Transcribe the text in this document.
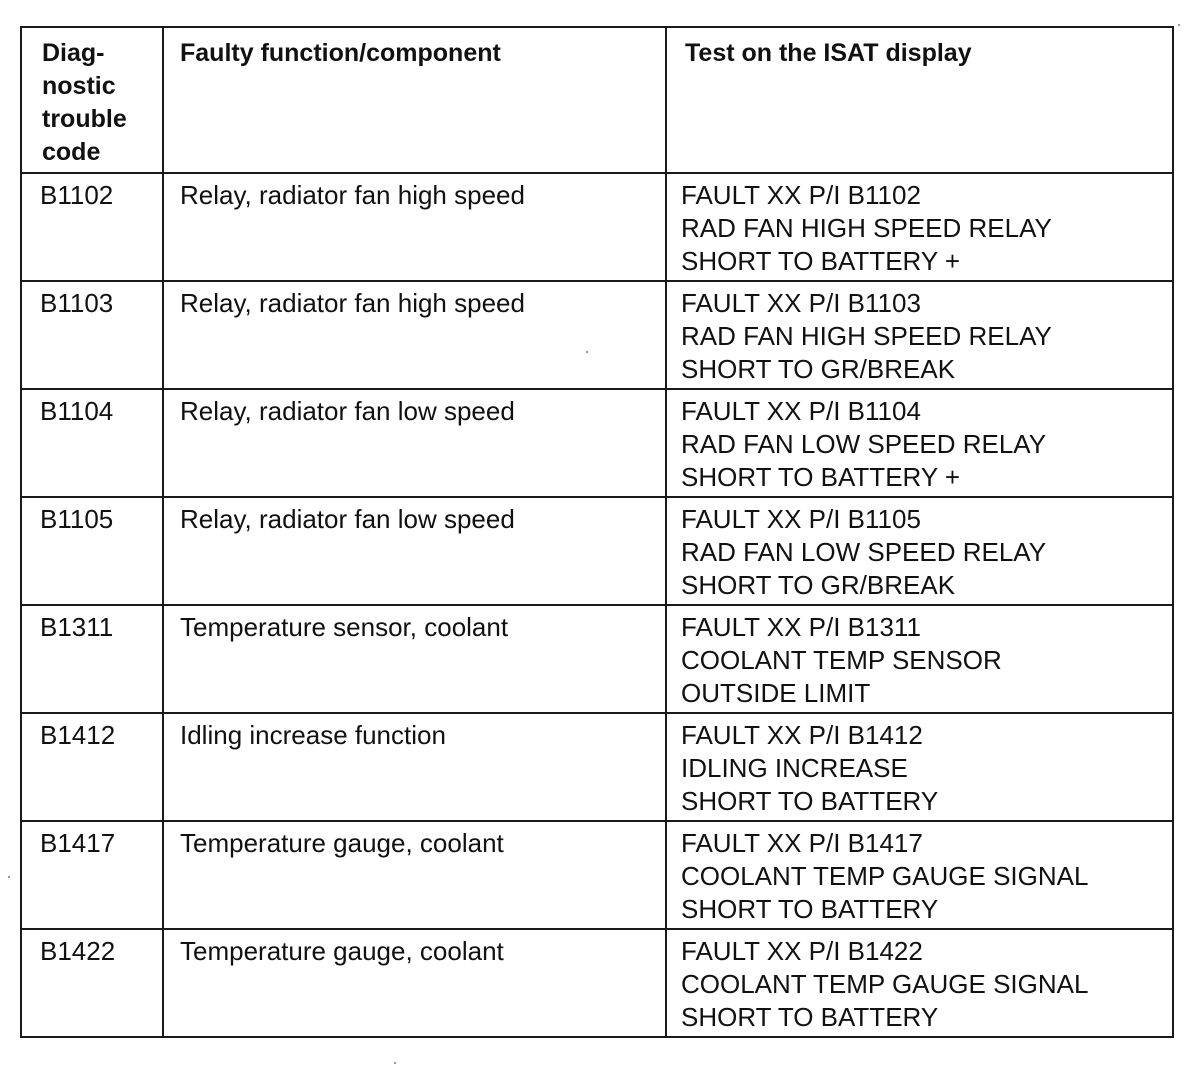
Diag-
nostic
trouble
code	Faulty function/component	Test on the ISAT display

B1102	Relay, radiator fan high speed	FAULT XX P/I B1102
RAD FAN HIGH SPEED RELAY
SHORT TO BATTERY +

B1103	Relay, radiator fan high speed	FAULT XX P/I B1103
RAD FAN HIGH SPEED RELAY
SHORT TO GR/BREAK

B1104	Relay, radiator fan low speed	FAULT XX P/I B1104
RAD FAN LOW SPEED RELAY
SHORT TO BATTERY +

B1105	Relay, radiator fan low speed	FAULT XX P/I B1105
RAD FAN LOW SPEED RELAY
SHORT TO GR/BREAK

B1311	Temperature sensor, coolant	FAULT XX P/I B1311
COOLANT TEMP SENSOR
OUTSIDE LIMIT

B1412	Idling increase function	FAULT XX P/I B1412
IDLING INCREASE
SHORT TO BATTERY

B1417	Temperature gauge, coolant	FAULT XX P/I B1417
COOLANT TEMP GAUGE SIGNAL
SHORT TO BATTERY

B1422	Temperature gauge, coolant	FAULT XX P/I B1422
COOLANT TEMP GAUGE SIGNAL
SHORT TO BATTERY
